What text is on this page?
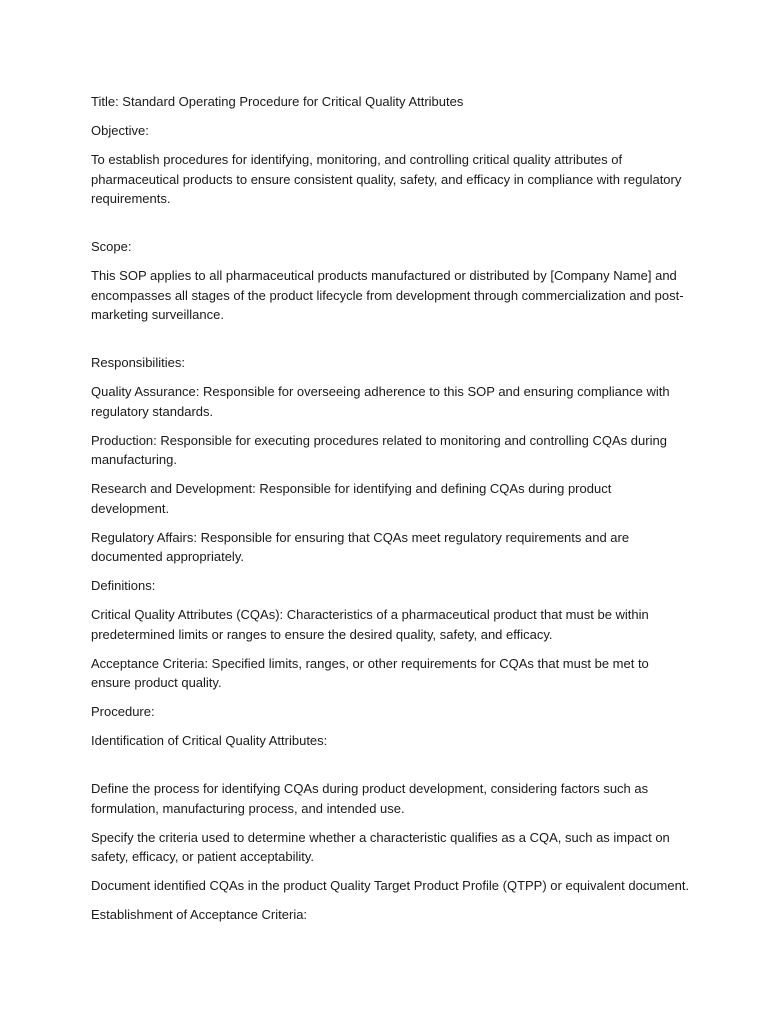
Title: Standard Operating Procedure for Critical Quality Attributes

Objective:

To establish procedures for identifying, monitoring, and controlling critical quality attributes of pharmaceutical products to ensure consistent quality, safety, and efficacy in compliance with regulatory requirements.

Scope:

This SOP applies to all pharmaceutical products manufactured or distributed by [Company Name] and encompasses all stages of the product lifecycle from development through commercialization and post-marketing surveillance.

Responsibilities:

Quality Assurance: Responsible for overseeing adherence to this SOP and ensuring compliance with regulatory standards.

Production: Responsible for executing procedures related to monitoring and controlling CQAs during manufacturing.

Research and Development: Responsible for identifying and defining CQAs during product development.

Regulatory Affairs: Responsible for ensuring that CQAs meet regulatory requirements and are documented appropriately.

Definitions:

Critical Quality Attributes (CQAs): Characteristics of a pharmaceutical product that must be within predetermined limits or ranges to ensure the desired quality, safety, and efficacy.

Acceptance Criteria: Specified limits, ranges, or other requirements for CQAs that must be met to ensure product quality.

Procedure:

Identification of Critical Quality Attributes:

Define the process for identifying CQAs during product development, considering factors such as formulation, manufacturing process, and intended use.

Specify the criteria used to determine whether a characteristic qualifies as a CQA, such as impact on safety, efficacy, or patient acceptability.

Document identified CQAs in the product Quality Target Product Profile (QTPP) or equivalent document.

Establishment of Acceptance Criteria:
